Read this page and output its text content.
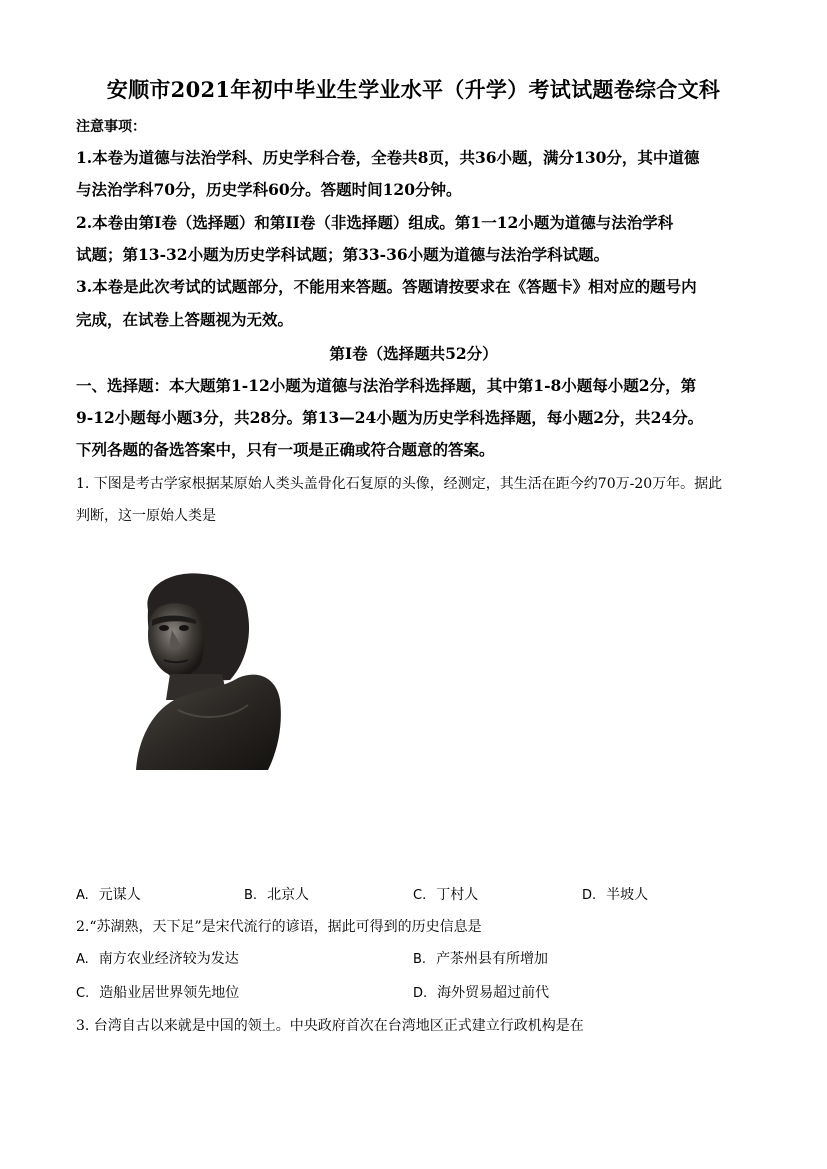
安顺市2021年初中毕业生学业水平（升学）考试试题卷综合文科
注意事项：
1.本卷为道德与法治学科、历史学科合卷，全卷共8页，共36小题，满分130分，其中道德
与法治学科70分，历史学科60分。答题时间120分钟。
2.本卷由第I卷（选择题）和第II卷（非选择题）组成。第1一12小题为道德与法治学科
试题；第13-32小题为历史学科试题；第33-36小题为道德与法治学科试题。
3.本卷是此次考试的试题部分，不能用来答题。答题请按要求在《答题卡》相对应的题号内
完成，在试卷上答题视为无效。
第I卷（选择题共52分）
一、选择题：本大题第1-12小题为道德与法治学科选择题，其中第1-8小题每小题2分，第
9-12小题每小题3分，共28分。第13—24小题为历史学科选择题，每小题2分，共24分。
下列各题的备选答案中，只有一项是正确或符合题意的答案。
1. 下图是考古学家根据某原始人类头盖骨化石复原的头像，经测定，其生活在距今约70万-20万年。据此
判断，这一原始人类是
A. 元谋人	B. 北京人	C. 丁村人	D. 半坡人
2.“苏湖熟，天下足”是宋代流行的谚语，据此可得到的历史信息是
A. 南方农业经济较为发达	B. 产茶州县有所增加
C. 造船业居世界领先地位	D. 海外贸易超过前代
3. 台湾自古以来就是中国的领土。中央政府首次在台湾地区正式建立行政机构是在
